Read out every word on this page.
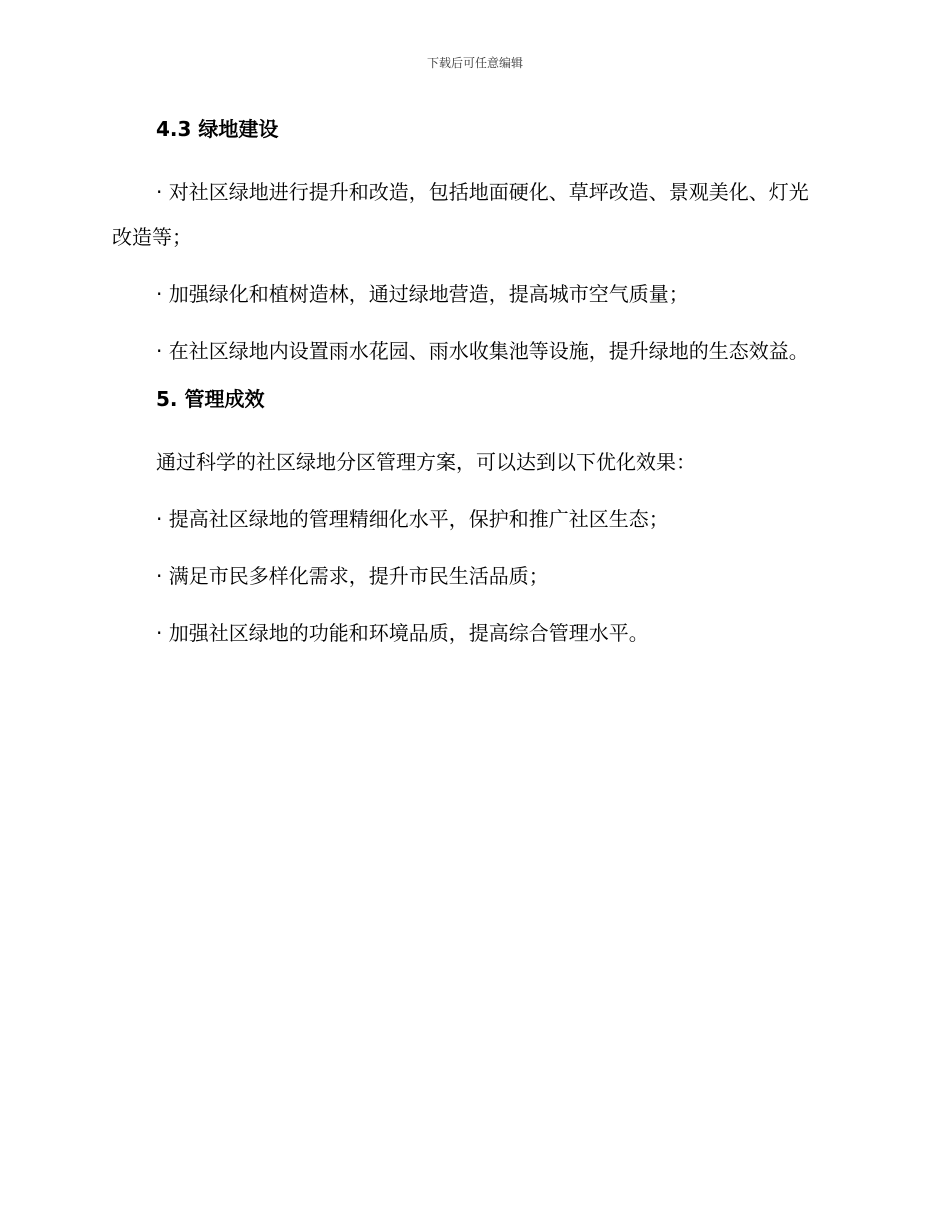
下载后可任意编辑
4.3 绿地建设

· 对社区绿地进行提升和改造，包括地面硬化、草坪改造、景观美化、灯光改造等；

· 加强绿化和植树造林，通过绿地营造，提高城市空气质量；

· 在社区绿地内设置雨水花园、雨水收集池等设施，提升绿地的生态效益。

5. 管理成效

通过科学的社区绿地分区管理方案，可以达到以下优化效果：

· 提高社区绿地的管理精细化水平，保护和推广社区生态；

· 满足市民多样化需求，提升市民生活品质；

· 加强社区绿地的功能和环境品质，提高综合管理水平。
